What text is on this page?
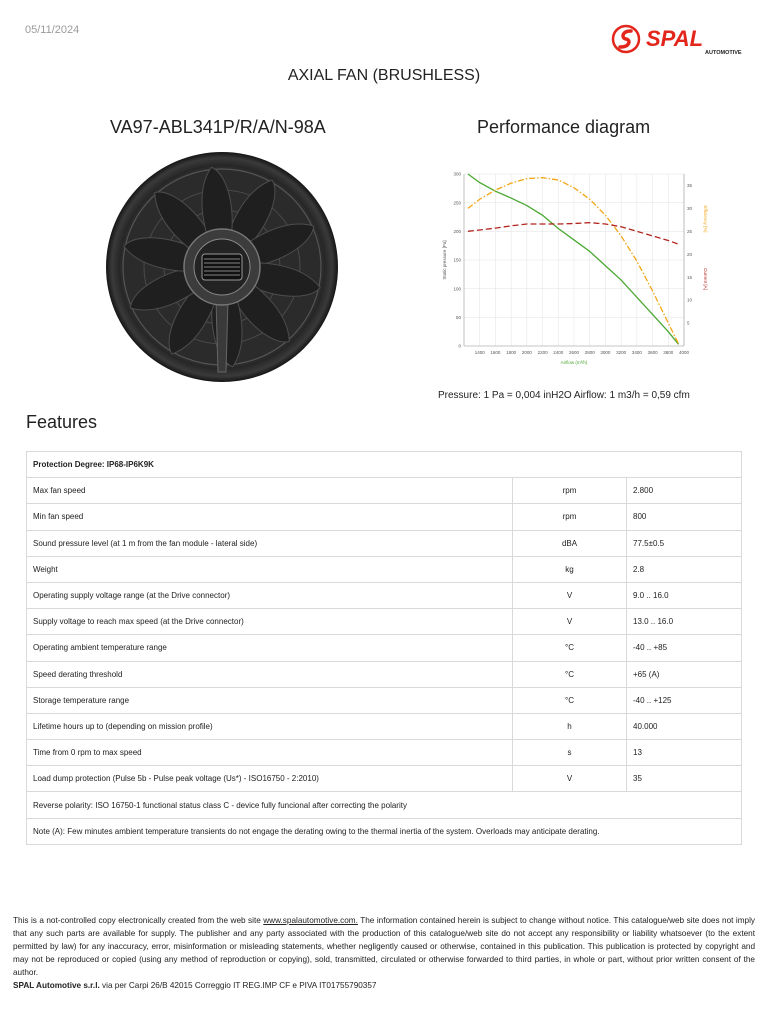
05/11/2024	SPAL
AUTOMOTIVE
AXIAL FAN (BRUSHLESS)
VA97-ABL341P/R/A/N-98A	Performance diagram
1400 1600 1800 2000 2200 2400 2600 2800 3000 3200 3400 3600 3800 4000
0
50
100
150
200
250
300
5
10
15
20
25
30
35
Airflow (m³/h)
Static pressure [Pa]
Efficiency [%]
Current [A]
Pressure: 1 Pa = 0,004 inH2O Airflow: 1 m3/h = 0,59 cfm
Features
Protection Degree: IP68-IP6K9K		
Max fan speed	rpm	2.800
Min fan speed	rpm	800
Sound pressure level (at 1 m from the fan module - lateral side)	dBA	77.5±0.5
Weight	kg	2.8
Operating supply voltage range (at the Drive connector)	V	9.0 .. 16.0
Supply voltage to reach max speed (at the Drive connector)	V	13.0 .. 16.0
Operating ambient temperature range	°C	-40 .. +85
Speed derating threshold	°C	+65 (A)
Storage temperature range	°C	-40 .. +125
Lifetime hours up to (depending on mission profile)	h	40.000
Time from 0 rpm to max speed	s	13
Load dump protection (Pulse 5b - Pulse peak voltage (Us*) - ISO16750 - 2:2010)	V	35
Reverse polarity: ISO 16750-1 functional status class C - device fully funcional after correcting the polarity		
Note (A): Few minutes ambient temperature transients do not engage the derating owing to the thermal inertia of the system. Overloads may anticipate derating.		
This is a not-controlled copy electronically created from the web site www.spalautomotive.com. The information contained herein is subject to change without notice. This catalogue/web site does not imply that any such parts are available for supply. The publisher and any party associated with the production of this catalogue/web site do not accept any responsibility or liability whatsoever (to the extent permitted by law) for any inaccuracy, error, misinformation or misleading statements, whether negligently caused or otherwise, contained in this publication. This publication is protected by copyright and may not be reproduced or copied (using any method of reproduction or copying), sold, transmitted, circulated or otherwise forwarded to third parties, in whole or part, without prior written consent of the author.
SPAL Automotive s.r.l. via per Carpi 26/B 42015 Correggio IT REG.IMP CF e PIVA IT01755790357
